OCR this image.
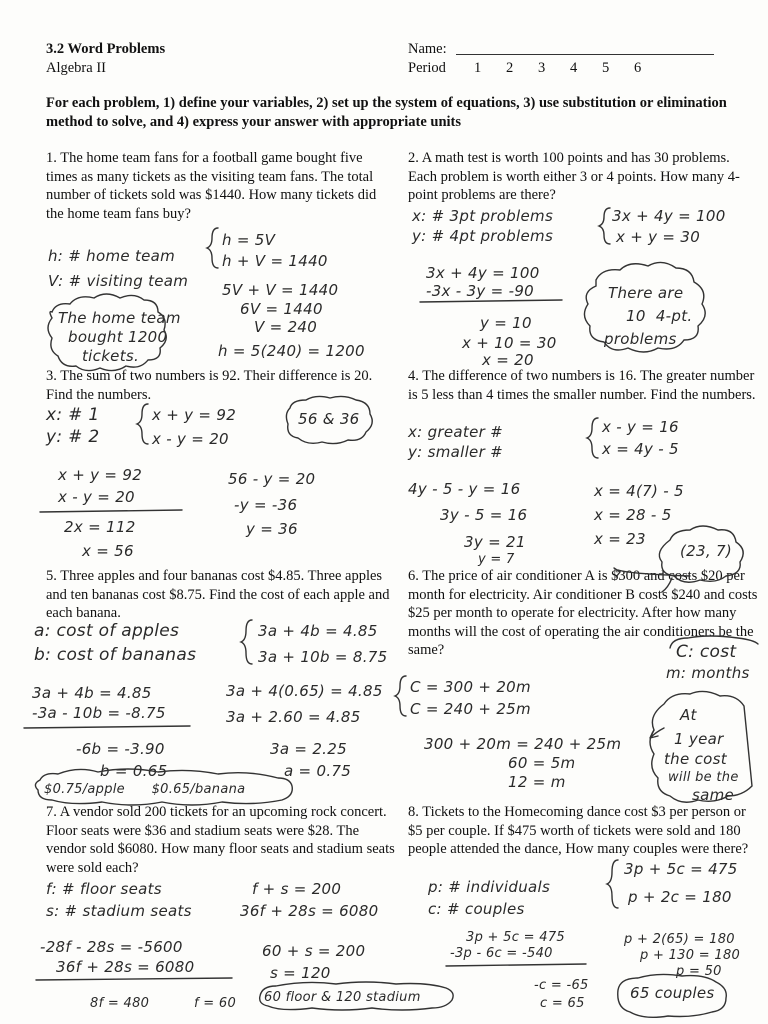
3.2 Word Problems
Algebra II
Name:
Period 1 2 3 4 5 6
For each problem, 1) define your variables, 2) set up the system of equations, 3) use substitution or elimination method to solve, and 4) express your answer with appropriate units
1. The home team fans for a football game bought five times as many tickets as the visiting team fans. The total number of tickets sold was $1440. How many tickets did the home team fans buy?
h: # home team
V: # visiting team
h = 5V
h + V = 1440
5V + V = 1440
6V = 1440
V = 240
h = 5(240) = 1200
The home team
bought 1200
tickets.
2. A math test is worth 100 points and has 30 problems. Each problem is worth either 3 or 4 points. How many 4-point problems are there?
x: # 3pt problems
y: # 4pt problems
3x + 4y = 100
x + y = 30
3x + 4y = 100
-3x - 3y = -90
y = 10
x + 10 = 30
x = 20
There are
10  4-pt.
problems
3. The sum of two numbers is 92. Their difference is 20. Find the numbers.
x: # 1
y: # 2
x + y = 92
x - y = 20
56 & 36
x + y = 92
x - y = 20
2x = 112
x = 56
56 - y = 20
-y = -36
y = 36
4. The difference of two numbers is 16. The greater number is 5 less than 4 times the smaller number. Find the numbers.
x: greater #
y: smaller #
x - y = 16
x = 4y - 5
4y - 5 - y = 16
3y - 5 = 16
3y = 21
y = 7
x = 4(7) - 5
x = 28 - 5
x = 23
(23, 7)
5. Three apples and four bananas cost $4.85. Three apples and ten bananas cost $8.75. Find the cost of each apple and each banana.
a: cost of apples
b: cost of bananas
3a + 4b = 4.85
3a + 10b = 8.75
3a + 4b = 4.85
-3a - 10b = -8.75
-6b = -3.90
b = 0.65
3a + 4(0.65) = 4.85
3a + 2.60 = 4.85
3a = 2.25
a = 0.75
$0.75/apple      $0.65/banana
6. The price of air conditioner A is $300 and costs $20 per month for electricity. Air conditioner B costs $240 and costs $25 per month to operate for electricity. After how many months will the cost of operating the air conditioners be the same?	C: cost
m: months
C = 300 + 20m
C = 240 + 25m
300 + 20m = 240 + 25m
60 = 5m
12 = m
At
1 year
the cost
will be the
same
7. A vendor sold 200 tickets for an upcoming rock concert. Floor seats were $36 and stadium seats were $28. The vendor sold $6080. How many floor seats and stadium seats were sold each?
f: # floor seats
s: # stadium seats
f + s = 200
36f + 28s = 6080
-28f - 28s = -5600
36f + 28s = 6080
8f = 480	f = 60
60 + s = 200
s = 120
60 floor & 120 stadium
8. Tickets to the Homecoming dance cost $3 per person or $5 per couple. If $475 worth of tickets were sold and 180 people attended the dance, How many couples were there?
p: # individuals
c: # couples
3p + 5c = 475
p + 2c = 180
3p + 5c = 475
-3p - 6c = -540
-c = -65
c = 65
p + 2(65) = 180
p + 130 = 180
p = 50
65 couples
